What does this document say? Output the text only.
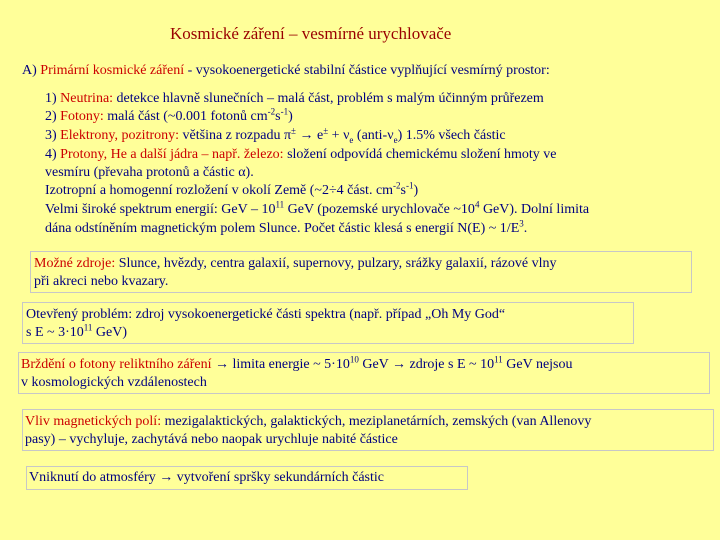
Kosmické záření – vesmírné urychlovače
A) Primární kosmické záření - vysokoenergetické stabilní částice vyplňující vesmírný prostor:
1) Neutrina: detekce hlavně slunečních – malá část, problém s malým účinným průřezem
2) Fotony: malá část (~0.001 fotonů $cm^{-2}s^{-1}$)
3) Elektrony, pozitrony: většina z rozpadu $\pi^\pm \to e^\pm + \nu_e$ $(anti-\nu_e)$ 1.5% všech částic
4) Protony, He a další jádra – např. železo: složení odpovídá chemickému složení hmoty ve
vesmíru (převaha protonů a částic α).
Izotropní a homogenní rozložení v okolí Země (~2÷4 část. $cm^{-2}s^{-1}$)
Velmi široké spektrum energií: GeV – $10^{11}$ GeV (pozemské urychlovače $\sim 10^4$ GeV). Dolní limita
dána odstíněním magnetickým polem Slunce. Počet částic klesá s energií N(E) ~ $1/E^3$.
Možné zdroje: Slunce, hvězdy, centra galaxií, supernovy, pulzary, srážky galaxií, rázové vlny
při akreci nebo kvazary.
Otevřený problém: zdroj vysokoenergetické části spektra (např. případ „Oh My God“
s E ~ $3\cdot 10^{11}$ GeV)
Brždění o fotony reliktního záření → limita energie ~ $5\cdot 10^{10}$ GeV → zdroje s E ~ $10^{11}$ GeV nejsou
v kosmologických vzdálenostech
Vliv magnetických polí: mezigalaktických, galaktických, meziplanetárních, zemských (van Allenovy
pasy) – vychyluje, zachytává nebo naopak urychluje nabité částice
Vniknutí do atmosféry → vytvoření spršky sekundárních částic
